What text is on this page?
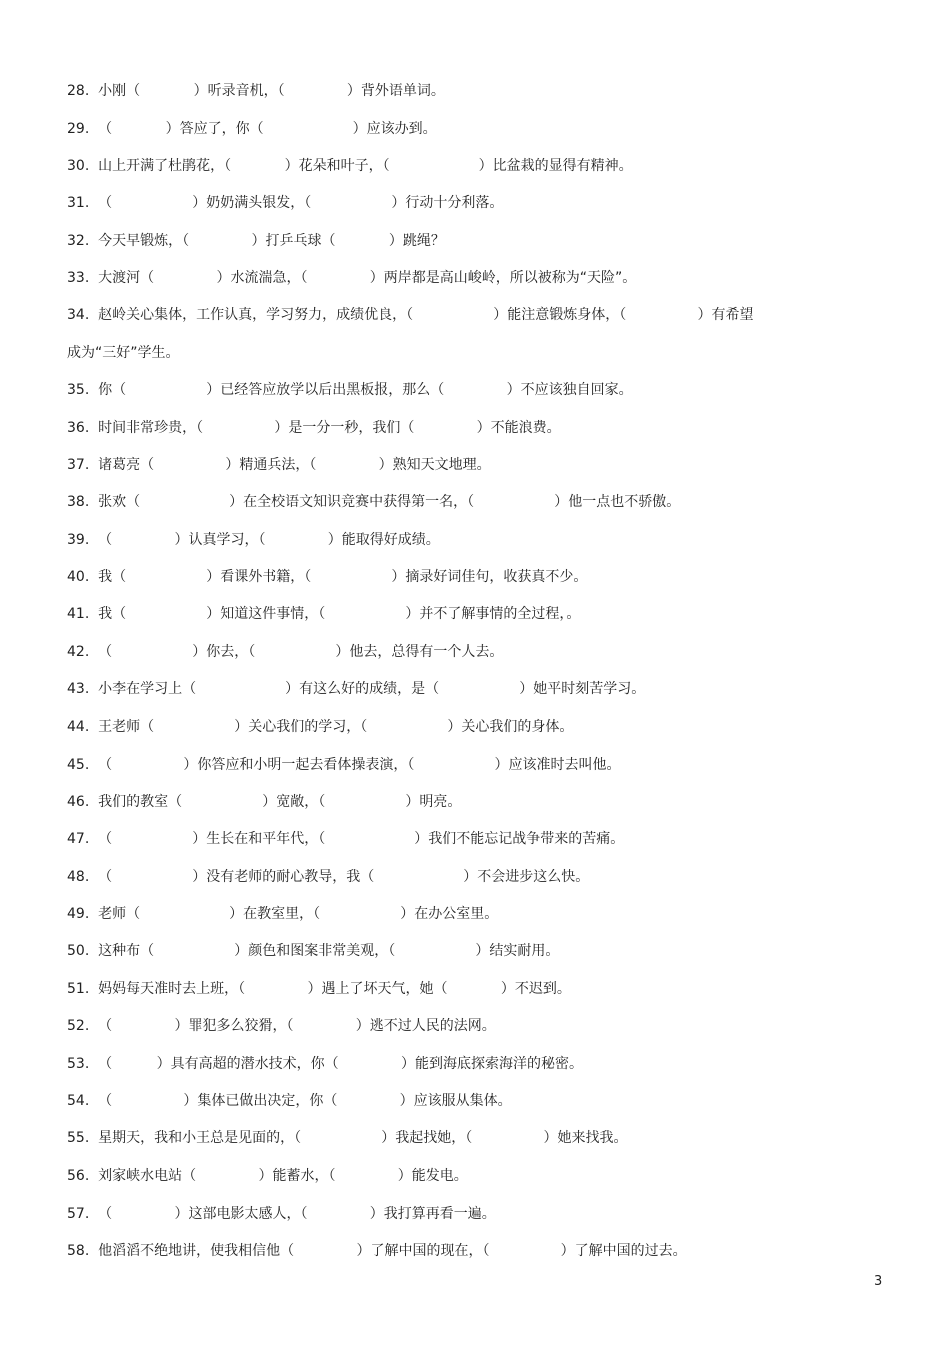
28.  小刚（            ）听录音机，（              ）背外语单词。
29.  （            ）答应了，你（                    ）应该办到。
30.  山上开满了杜鹃花，（            ）花朵和叶子，（                    ）比盆栽的显得有精神。
31.  （                  ）奶奶满头银发，（                  ）行动十分利落。
32.  今天早锻炼，（              ）打乒乓球（            ）跳绳？
33.  大渡河（              ）水流湍急，（              ）两岸都是高山峻岭，所以被称为“天险”。
34.  赵岭关心集体，工作认真，学习努力，成绩优良，（                  ）能注意锻炼身体，（                ）有希望
成为“三好”学生。
35.  你（                  ）已经答应放学以后出黑板报，那么（              ）不应该独自回家。
36.  时间非常珍贵，（                ）是一分一秒，我们（              ）不能浪费。
37.  诸葛亮（                ）精通兵法，（              ）熟知天文地理。
38.  张欢（                    ）在全校语文知识竞赛中获得第一名，（                  ）他一点也不骄傲。
39.  （              ）认真学习，（              ）能取得好成绩。
40.  我（                  ）看课外书籍，（                  ）摘录好词佳句，收获真不少。
41.  我（                  ）知道这件事情，（                  ）并不了解事情的全过程，。
42.  （                  ）你去，（                  ）他去，总得有一个人去。
43.  小李在学习上（                    ）有这么好的成绩，是（                  ）她平时刻苦学习。
44.  王老师（                  ）关心我们的学习，（                  ）关心我们的身体。
45.  （                ）你答应和小明一起去看体操表演，（                  ）应该准时去叫他。
46.  我们的教室（                  ）宽敞，（                  ）明亮。
47.  （                  ）生长在和平年代，（                    ）我们不能忘记战争带来的苦痛。
48.  （                  ）没有老师的耐心教导，我（                    ）不会进步这么快。
49.  老师（                    ）在教室里，（                  ）在办公室里。
50.  这种布（                  ）颜色和图案非常美观，（                  ）结实耐用。
51.  妈妈每天准时去上班，（              ）遇上了坏天气，她（            ）不迟到。
52.  （              ）罪犯多么狡猾，（              ）逃不过人民的法网。
53.  （          ）具有高超的潜水技术，你（              ）能到海底探索海洋的秘密。
54.  （                ）集体已做出决定，你（              ）应该服从集体。
55.  星期天，我和小王总是见面的，（                  ）我起找她，（                ）她来找我。
56.  刘家峡水电站（              ）能蓄水，（              ）能发电。
57.  （              ）这部电影太感人，（              ）我打算再看一遍。
58.  他滔滔不绝地讲，使我相信他（              ）了解中国的现在，（                ）了解中国的过去。
3
